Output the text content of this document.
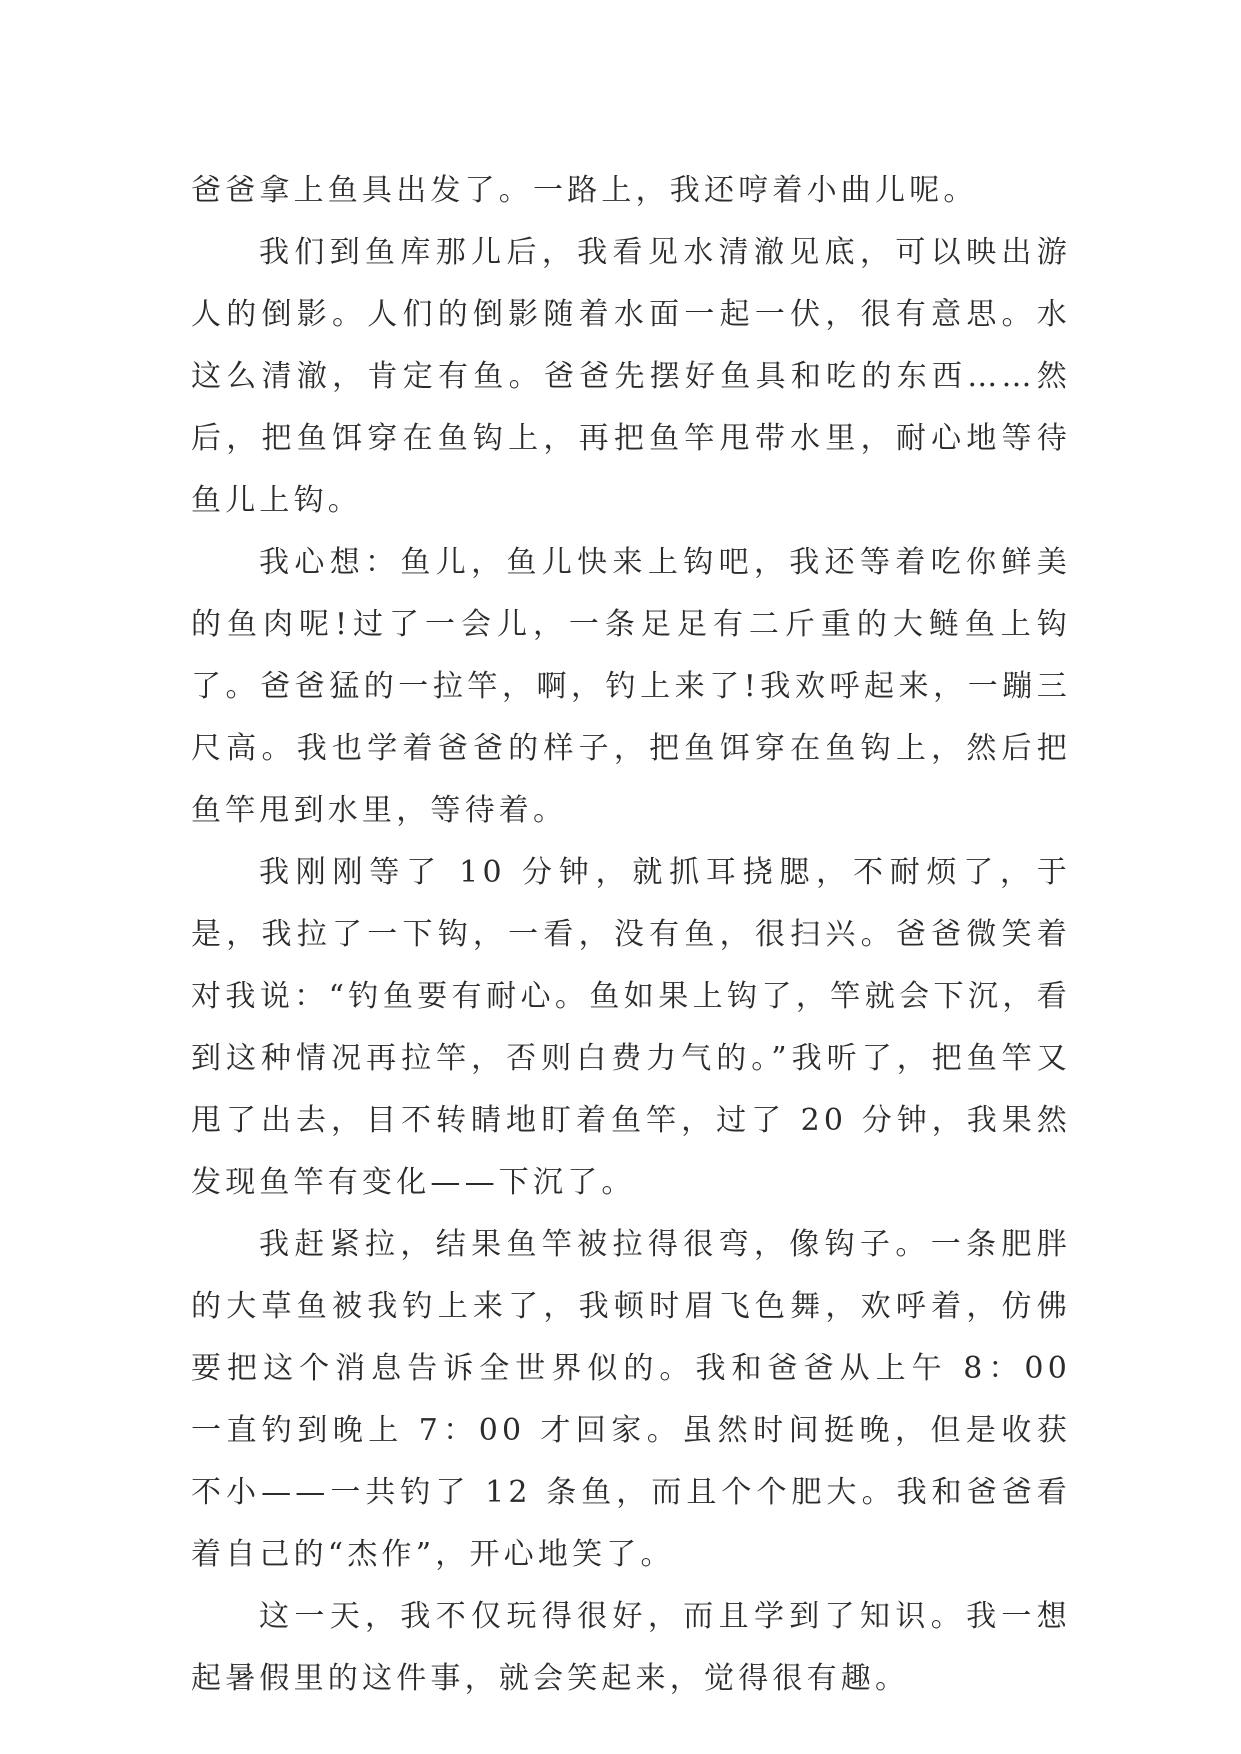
爸爸拿上鱼具出发了。一路上，我还哼着小曲儿呢。

我们到鱼库那儿后，我看见水清澈见底，可以映出游人的倒影。人们的倒影随着水面一起一伏，很有意思。水这么清澈，肯定有鱼。爸爸先摆好鱼具和吃的东西……然后，把鱼饵穿在鱼钩上，再把鱼竿甩带水里，耐心地等待鱼儿上钩。

我心想：鱼儿，鱼儿快来上钩吧，我还等着吃你鲜美的鱼肉呢!过了一会儿，一条足足有二斤重的大鲢鱼上钩了。爸爸猛的一拉竿，啊，钓上来了!我欢呼起来，一蹦三尺高。我也学着爸爸的样子，把鱼饵穿在鱼钩上，然后把鱼竿甩到水里，等待着。

我刚刚等了 10 分钟，就抓耳挠腮，不耐烦了，于是，我拉了一下钩，一看，没有鱼，很扫兴。爸爸微笑着对我说：“钓鱼要有耐心。鱼如果上钩了，竿就会下沉，看到这种情况再拉竿，否则白费力气的。”我听了，把鱼竿又甩了出去，目不转睛地盯着鱼竿，过了 20 分钟，我果然发现鱼竿有变化——下沉了。

我赶紧拉，结果鱼竿被拉得很弯，像钩子。一条肥胖的大草鱼被我钓上来了，我顿时眉飞色舞，欢呼着，仿佛要把这个消息告诉全世界似的。我和爸爸从上午 8：00 一直钓到晚上 7：00 才回家。虽然时间挺晚，但是收获不小——一共钓了 12 条鱼，而且个个肥大。我和爸爸看着自己的“杰作”，开心地笑了。

这一天，我不仅玩得很好，而且学到了知识。我一想起暑假里的这件事，就会笑起来，觉得很有趣。
